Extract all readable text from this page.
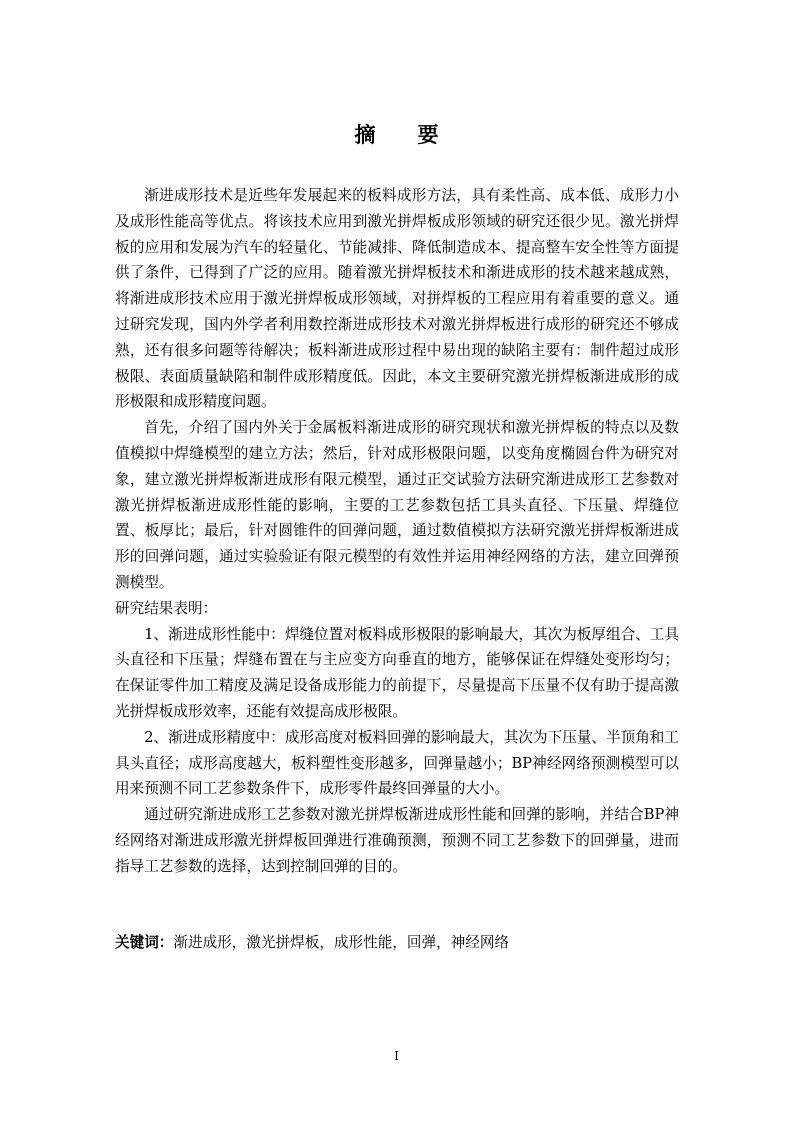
摘要

渐进成形技术是近些年发展起来的板料成形方法，具有柔性高、成本低、成形力小及成形性能高等优点。将该技术应用到激光拼焊板成形领域的研究还很少见。激光拼焊板的应用和发展为汽车的轻量化、节能减排、降低制造成本、提高整车安全性等方面提供了条件，已得到了广泛的应用。随着激光拼焊板技术和渐进成形的技术越来越成熟，将渐进成形技术应用于激光拼焊板成形领域，对拼焊板的工程应用有着重要的意义。通过研究发现，国内外学者利用数控渐进成形技术对激光拼焊板进行成形的研究还不够成熟，还有很多问题等待解决；板料渐进成形过程中易出现的缺陷主要有：制件超过成形极限、表面质量缺陷和制件成形精度低。因此，本文主要研究激光拼焊板渐进成形的成形极限和成形精度问题。

首先，介绍了国内外关于金属板料渐进成形的研究现状和激光拼焊板的特点以及数值模拟中焊缝模型的建立方法；然后，针对成形极限问题，以变角度椭圆台件为研究对象，建立激光拼焊板渐进成形有限元模型，通过正交试验方法研究渐进成形工艺参数对激光拼焊板渐进成形性能的影响，主要的工艺参数包括工具头直径、下压量、焊缝位置、板厚比；最后，针对圆锥件的回弹问题，通过数值模拟方法研究激光拼焊板渐进成形的回弹问题，通过实验验证有限元模型的有效性并运用神经网络的方法，建立回弹预测模型。

研究结果表明：

1、渐进成形性能中：焊缝位置对板料成形极限的影响最大，其次为板厚组合、工具头直径和下压量；焊缝布置在与主应变方向垂直的地方，能够保证在焊缝处变形均匀；在保证零件加工精度及满足设备成形能力的前提下，尽量提高下压量不仅有助于提高激光拼焊板成形效率，还能有效提高成形极限。

2、渐进成形精度中：成形高度对板料回弹的影响最大，其次为下压量、半顶角和工具头直径；成形高度越大，板料塑性变形越多，回弹量越小；BP神经网络预测模型可以用来预测不同工艺参数条件下，成形零件最终回弹量的大小。

通过研究渐进成形工艺参数对激光拼焊板渐进成形性能和回弹的影响，并结合BP神经网络对渐进成形激光拼焊板回弹进行准确预测，预测不同工艺参数下的回弹量，进而指导工艺参数的选择，达到控制回弹的目的。

关键词：渐进成形，激光拼焊板，成形性能，回弹，神经网络
I
